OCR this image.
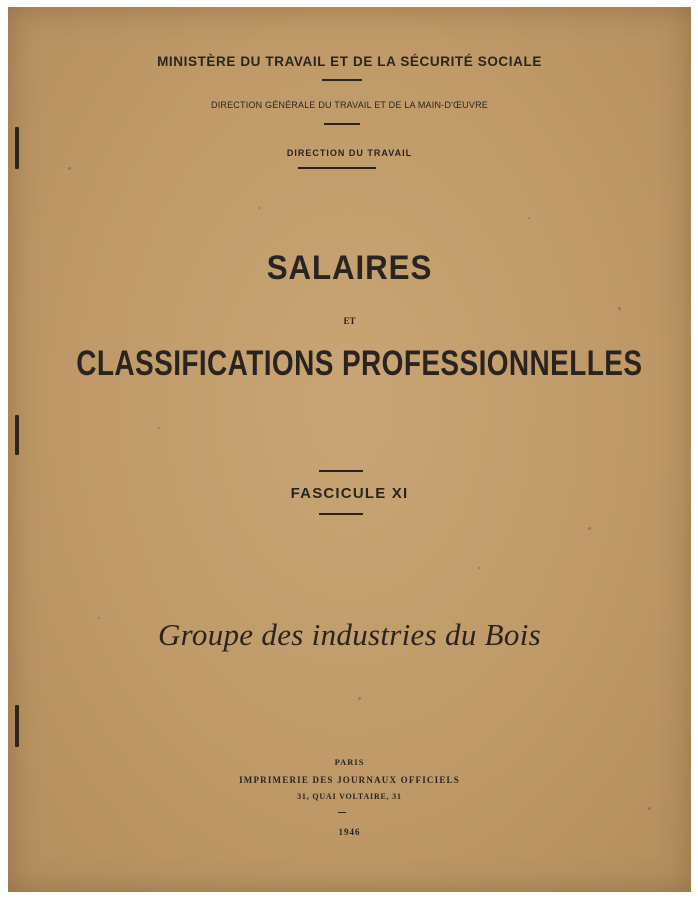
MINISTÈRE DU TRAVAIL ET DE LA SÉCURITÉ SOCIALE
DIRECTION GÉNÉRALE DU TRAVAIL ET DE LA MAIN-D'ŒUVRE
DIRECTION DU TRAVAIL
SALAIRES
ET
CLASSIFICATIONS PROFESSIONNELLES
FASCICULE XI
Groupe des industries du Bois
PARIS
IMPRIMERIE DES JOURNAUX OFFICIELS
31, QUAI VOLTAIRE, 31
1946
